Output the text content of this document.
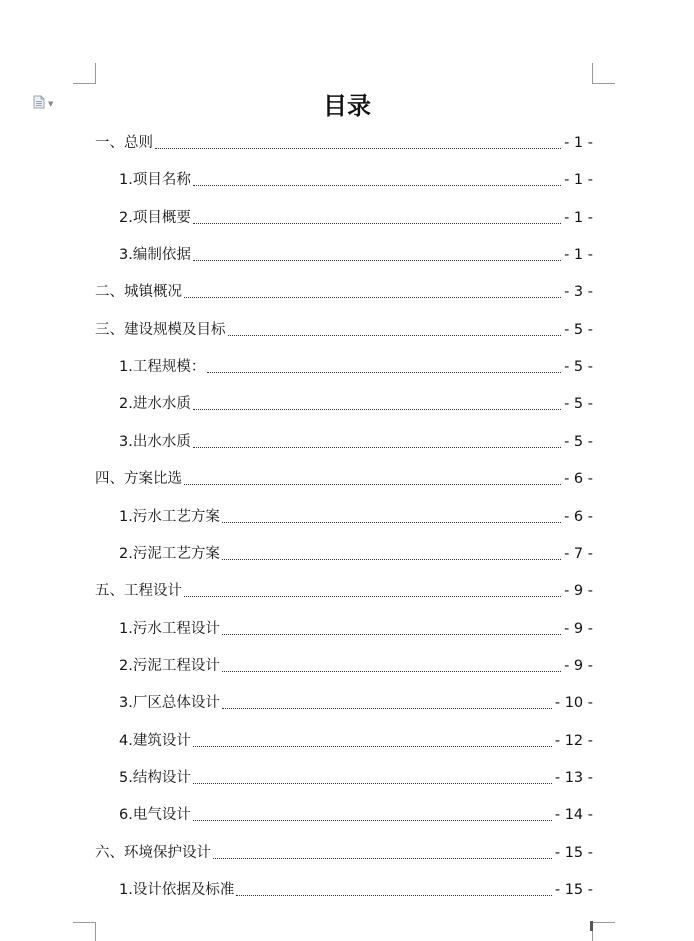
▼	目录
一、总则	- 1 -
1.项目名称	- 1 -
2.项目概要	- 1 -
3.编制依据	- 1 -
二、城镇概况	- 3 -
三、建设规模及目标	- 5 -
1.工程规模：	- 5 -
2.进水水质	- 5 -
3.出水水质	- 5 -
四、方案比选	- 6 -
1.污水工艺方案	- 6 -
2.污泥工艺方案	- 7 -
五、工程设计	- 9 -
1.污水工程设计	- 9 -
2.污泥工程设计	- 9 -
3.厂区总体设计	- 10 -
4.建筑设计	- 12 -
5.结构设计	- 13 -
6.电气设计	- 14 -
六、环境保护设计	- 15 -
1.设计依据及标准	- 15 -
